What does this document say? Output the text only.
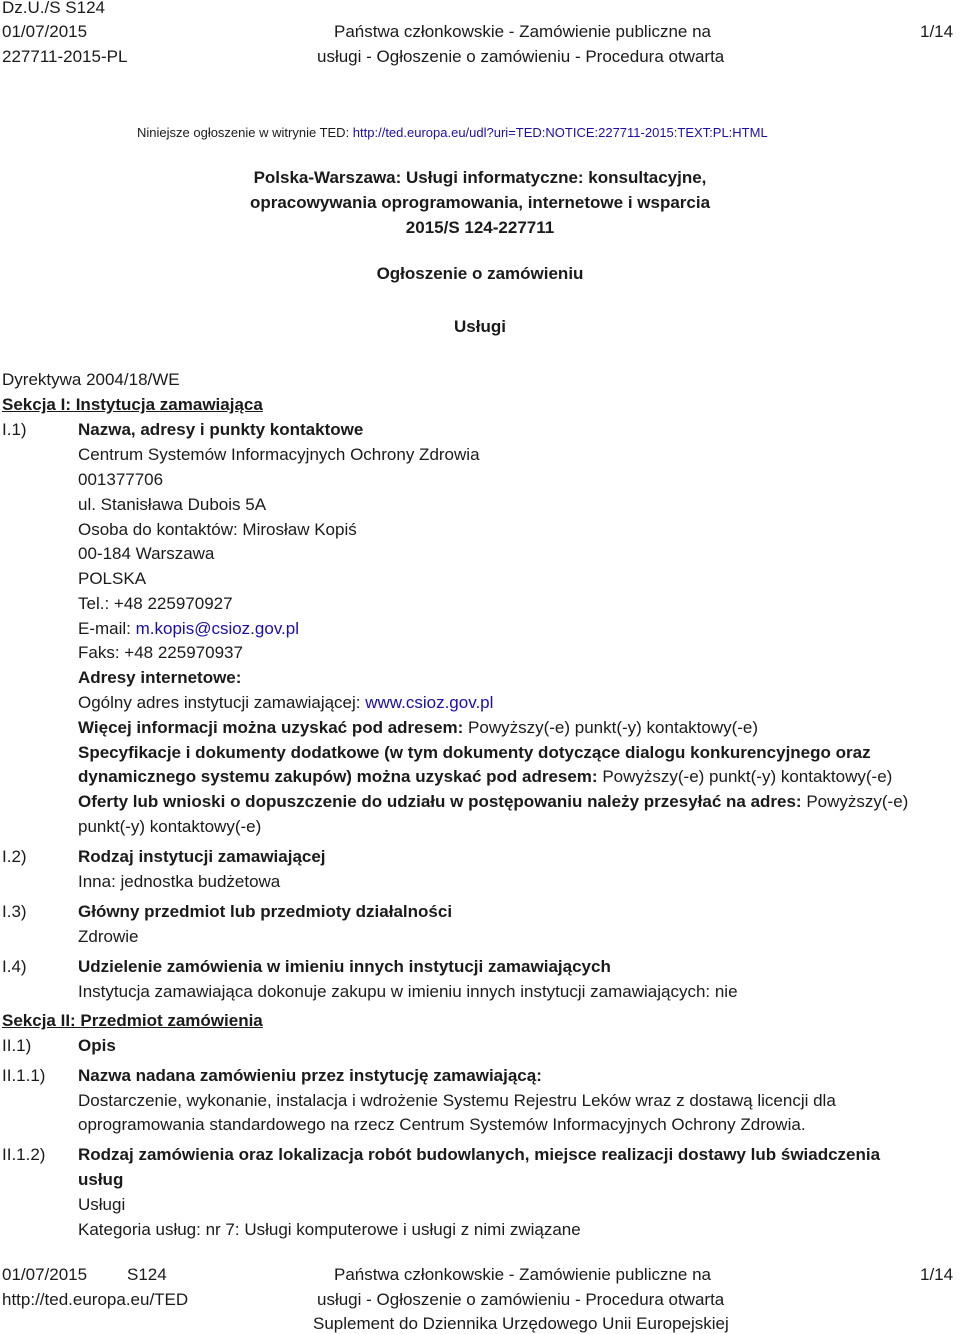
Dz.U./S S124
01/07/2015
227711-2015-PL
Państwa członkowskie - Zamówienie publiczne na
usługi - Ogłoszenie o zamówieniu - Procedura otwarta
1/14
Niniejsze ogłoszenie w witrynie TED: http://ted.europa.eu/udl?uri=TED:NOTICE:227711-2015:TEXT:PL:HTML
Polska-Warszawa: Usługi informatyczne: konsultacyjne,
opracowywania oprogramowania, internetowe i wsparcia
2015/S 124-227711
Ogłoszenie o zamówieniu
Usługi
Dyrektywa 2004/18/WE
Sekcja I: Instytucja zamawiająca
I.1)	Nazwa, adresy i punkty kontaktowe
Centrum Systemów Informacyjnych Ochrony Zdrowia
001377706
ul. Stanisława Dubois 5A
Osoba do kontaktów: Mirosław Kopiś
00-184 Warszawa
POLSKA
Tel.: +48 225970927
E-mail: m.kopis@csioz.gov.pl
Faks: +48 225970937
Adresy internetowe:
Ogólny adres instytucji zamawiającej: www.csioz.gov.pl
Więcej informacji można uzyskać pod adresem: Powyższy(-e) punkt(-y) kontaktowy(-e)
Specyfikacje i dokumenty dodatkowe (w tym dokumenty dotyczące dialogu konkurencyjnego oraz
dynamicznego systemu zakupów) można uzyskać pod adresem: Powyższy(-e) punkt(-y) kontaktowy(-e)
Oferty lub wnioski o dopuszczenie do udziału w postępowaniu należy przesyłać na adres: Powyższy(-e)
punkt(-y) kontaktowy(-e)
I.2)	Rodzaj instytucji zamawiającej
Inna: jednostka budżetowa
I.3)	Główny przedmiot lub przedmioty działalności
Zdrowie
I.4)	Udzielenie zamówienia w imieniu innych instytucji zamawiających
Instytucja zamawiająca dokonuje zakupu w imieniu innych instytucji zamawiających: nie
Sekcja II: Przedmiot zamówienia
II.1)	Opis
II.1.1) Nazwa nadana zamówieniu przez instytucję zamawiającą:
Dostarczenie, wykonanie, instalacja i wdrożenie Systemu Rejestru Leków wraz z dostawą licencji dla
oprogramowania standardowego na rzecz Centrum Systemów Informacyjnych Ochrony Zdrowia.
II.1.2) Rodzaj zamówienia oraz lokalizacja robót budowlanych, miejsce realizacji dostawy lub świadczenia
usług
Usługi
Kategoria usług: nr 7: Usługi komputerowe i usługi z nimi związane
01/07/2015 S124
http://ted.europa.eu/TED
Państwa członkowskie - Zamówienie publiczne na
usługi - Ogłoszenie o zamówieniu - Procedura otwarta
Suplement do Dziennika Urzędowego Unii Europejskiej
1/14
